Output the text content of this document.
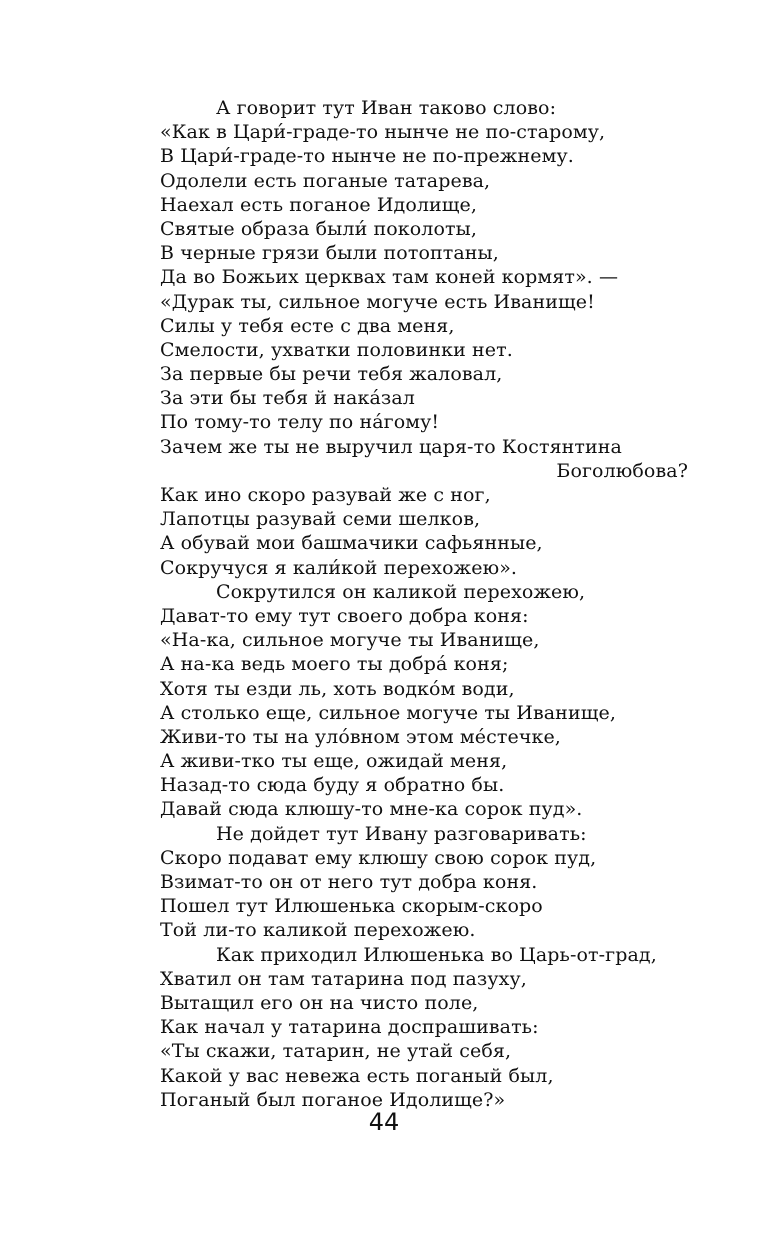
А говорит тут Иван таково слово:
«Как в Цари́-граде-то нынче не по-старому,
В Цари́-граде-то нынче не по-прежнему.
Одолели есть поганые татарева,
Наехал есть поганое Идолище,
Святые образа были́ поколоты,
В черные грязи были потоптаны,
Да во Божьих церквах там коней кормят». —
«Дурак ты, сильное могуче есть Иванище!
Силы у тебя есте с два меня,
Смелости, ухватки половинки нет.
За первые бы речи тебя жаловал,
За эти бы тебя й нака́зал
По тому-то телу по на́гому!
Зачем же ты не выручил царя-то Костянтина
Боголюбова?
Как ино скоро разувай же с ног,
Лапотцы разувай семи шелков,
А обувай мои башмачики сафьянные,
Сокручуся я кали́кой перехожею».
Сокрутился он каликой перехожею,
Дават-то ему тут своего добра коня:
«На-ка, сильное могуче ты Иванище,
А на-ка ведь моего ты добра́ коня;
Хотя ты езди ль, хоть водко́м води,
А столько еще, сильное могуче ты Иванище,
Живи-то ты на уло́вном этом ме́стечке,
А живи-тко ты еще, ожидай меня,
Назад-то сюда буду я обратно бы.
Давай сюда клюшу-то мне-ка сорок пуд».
Не дойдет тут Ивану разговаривать:
Скоро подават ему клюшу свою сорок пуд,
Взимат-то он от него тут добра коня.
Пошел тут Илюшенька скорым-скоро
Той ли-то каликой перехожею.
Как приходил Илюшенька во Царь-от-град,
Хватил он там татарина под пазуху,
Вытащил его он на чисто поле,
Как начал у татарина доспрашивать:
«Ты скажи, татарин, не утай себя,
Какой у вас невежа есть поганый был,
Поганый был поганое Идолище?»
44
